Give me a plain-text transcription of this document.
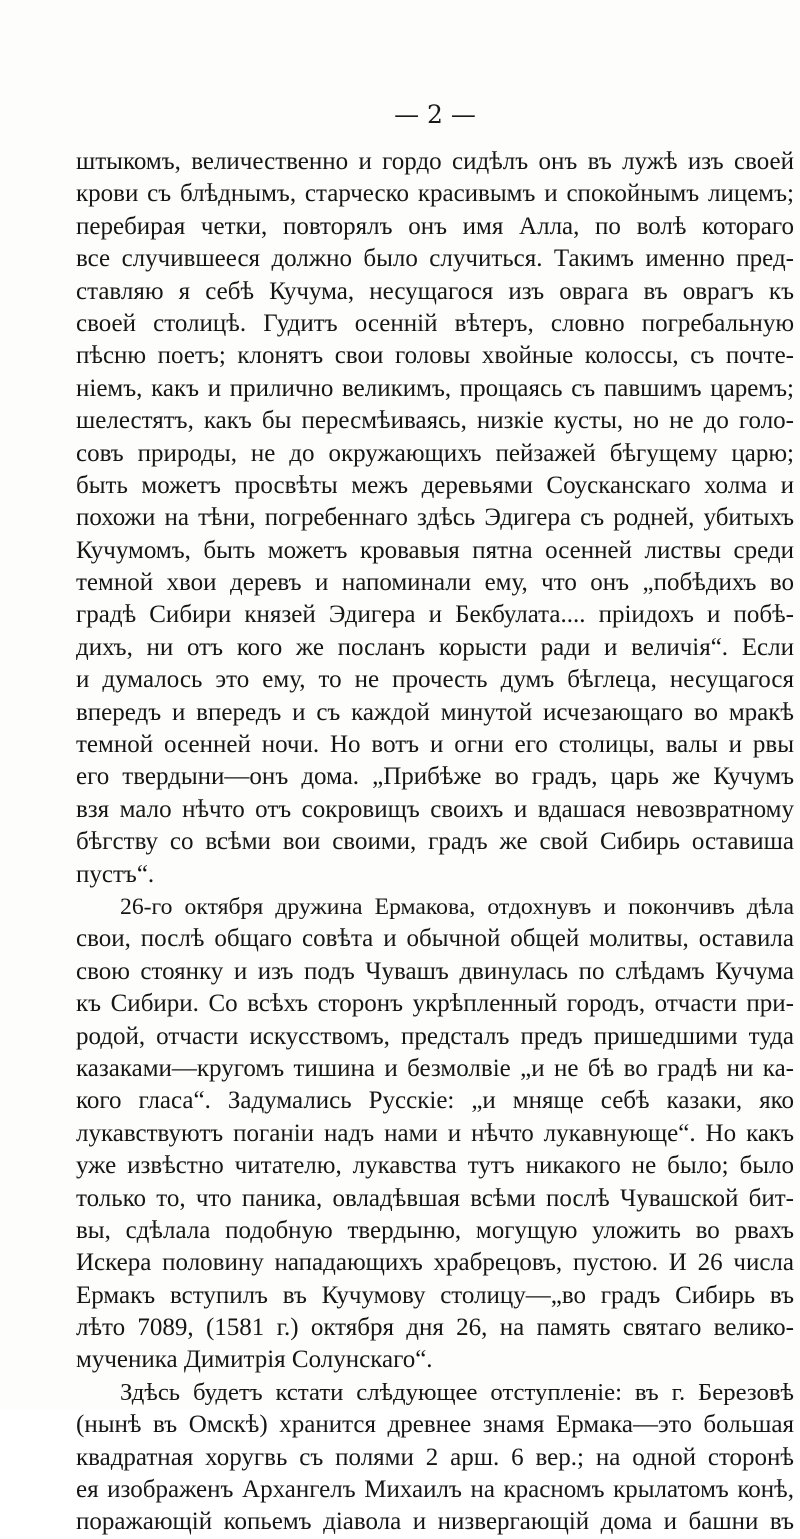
— 2 —
штыкомъ, величественно и гордо сидѣлъ онъ въ лужѣ изъ своей
крови съ блѣднымъ, старческо красивымъ и спокойнымъ лицемъ;
перебирая четки, повторялъ онъ имя Алла, по волѣ котораго
все случившееся должно было случиться. Такимъ именно пред-
ставляю я себѣ Кучума, несущагося изъ оврага въ оврагъ къ
своей столицѣ. Гудитъ осеннiй вѣтеръ, словно погребальную
пѣсню поетъ; клонятъ свои головы хвойные колоссы, съ почте-
нiемъ, какъ и прилично великимъ, прощаясь съ павшимъ царемъ;
шелестятъ, какъ бы пересмѣиваясь, низкiе кусты, но не до голо-
совъ природы, не до окружающихъ пейзажей бѣгущему царю;
быть можетъ просвѣты межъ деревьями Соусканскаго холма и
похожи на тѣни, погребеннаго здѣсь Эдигера съ родней, убитыхъ
Кучумомъ, быть можетъ кровавыя пятна осенней листвы среди
темной хвои деревъ и напоминали ему, что онъ „побѣдихъ во
градѣ Сибири князей Эдигера и Бекбулата.... прiидохъ и побѣ-
дихъ, ни отъ кого же посланъ корысти ради и величiя“. Если
и думалось это ему, то не прочесть думъ бѣглеца, несущагося
впередъ и впередъ и съ каждой минутой исчезающаго во мракѣ
темной осенней ночи. Но вотъ и огни его столицы, валы и рвы
его твердыни—онъ дома. „Прибѣже во градъ, царь же Кучумъ
взя мало нѣчто отъ сокровищъ своихъ и вдашася невозвратному
бѣгству со всѣми вои своими, градъ же свой Сибирь оставиша
пустъ“.
26-го октября дружина Ермакова, отдохнувъ и покончивъ дѣла
свои, послѣ общаго совѣта и обычной общей молитвы, оставила
свою стоянку и изъ подъ Чувашъ двинулась по слѣдамъ Кучума
къ Сибири. Со всѣхъ сторонъ укрѣпленный городъ, отчасти при-
родой, отчасти искусствомъ, предсталъ предъ пришедшими туда
казаками—кругомъ тишина и безмолвiе „и не бѣ во градѣ ни ка-
кого гласа“. Задумались Русскiе: „и мняще себѣ казаки, яко
лукавствуютъ поганiи надъ нами и нѣчто лукавнующе“. Но какъ
уже извѣстно читателю, лукавства тутъ никакого не было; было
только то, что паника, овладѣвшая всѣми послѣ Чувашской бит-
вы, сдѣлала подобную твердыню, могущую уложить во рвахъ
Искера половину нападающихъ храбрецовъ, пустою. И 26 числа
Ермакъ вступилъ въ Кучумову столицу—„во градъ Сибирь въ
лѣто 7089, (1581 г.) октября дня 26, на память святаго велико-
мученика Димитрiя Солунскаго“.
Здѣсь будетъ кстати слѣдующее отступленiе: въ г. Березовѣ
(нынѣ въ Омскѣ) хранится древнее знамя Ермака—это большая
квадратная хоругвь съ полями 2 арш. 6 вер.; на одной сторонѣ
ея изображенъ Архангелъ Михаилъ на красномъ крылатомъ конѣ,
поражающiй копьемъ дiавола и низвергающiй дома и башни въ
